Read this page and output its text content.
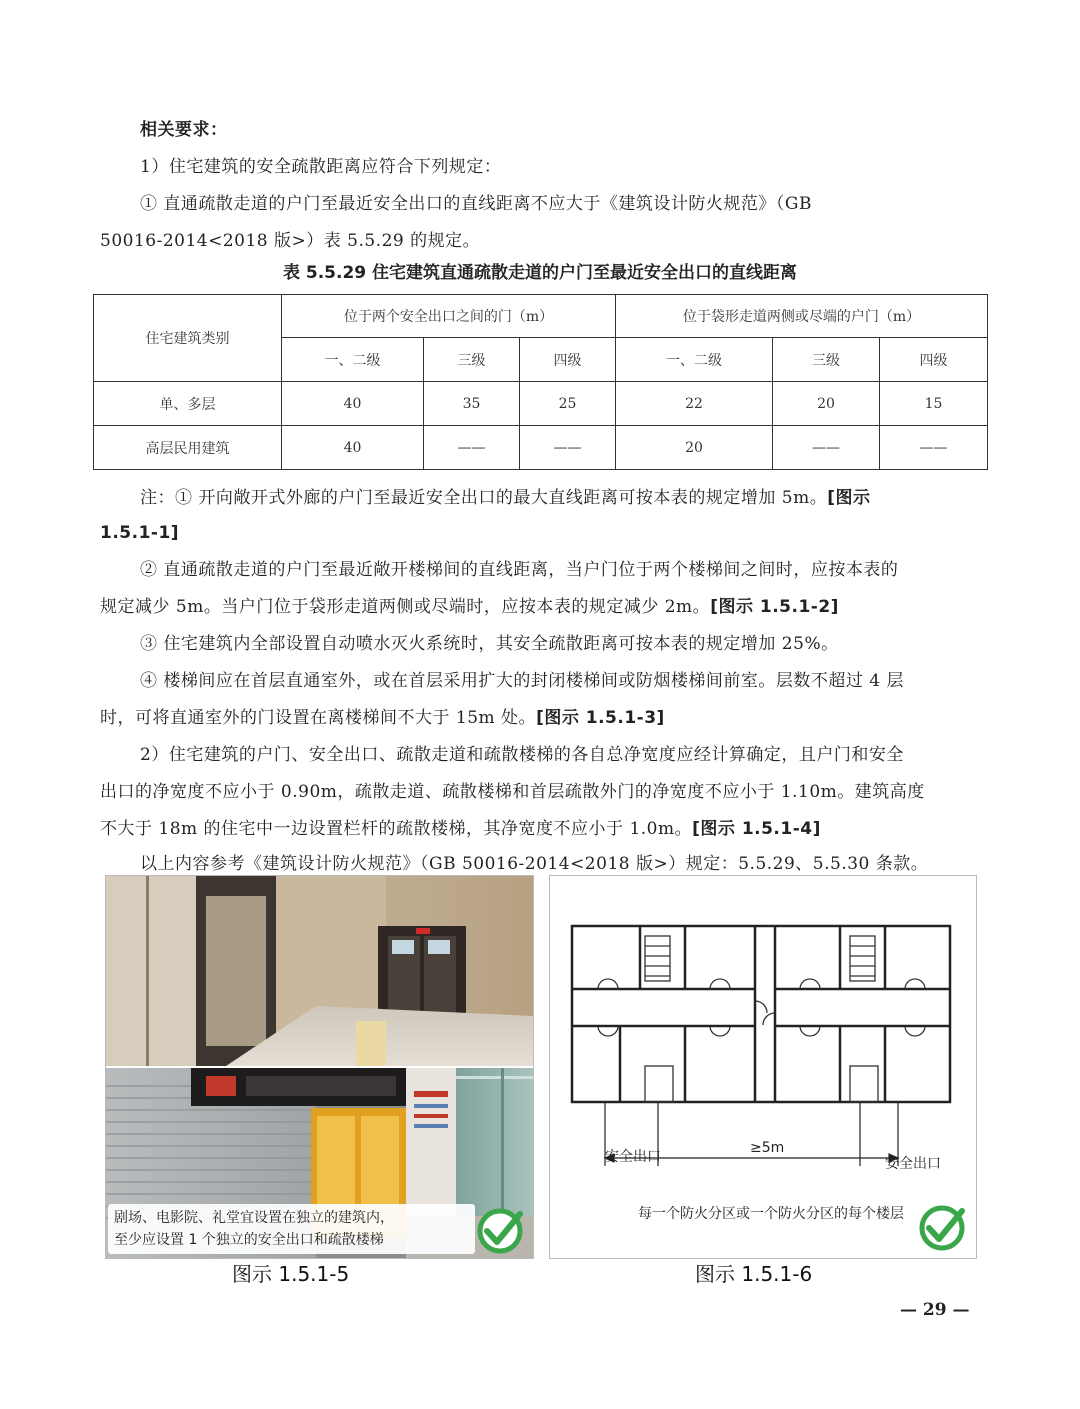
相关要求：
1）住宅建筑的安全疏散距离应符合下列规定：
① 直通疏散走道的户门至最近安全出口的直线距离不应大于《建筑设计防火规范》（GB
50016-2014<2018 版>）表 5.5.29 的规定。
表 5.5.29 住宅建筑直通疏散走道的户门至最近安全出口的直线距离
住宅建筑类别	位于两个安全出口之间的门（m）			位于袋形走道两侧或尽端的户门（m）		
	一、二级	三级	四级	一、二级	三级	四级
单、多层	40	35	25	22	20	15
高层民用建筑	40	——	——	20	——	——
注：① 开向敞开式外廊的户门至最近安全出口的最大直线距离可按本表的规定增加 5m。[图示
1.5.1-1]
② 直通疏散走道的户门至最近敞开楼梯间的直线距离，当户门位于两个楼梯间之间时，应按本表的
规定减少 5m。当户门位于袋形走道两侧或尽端时，应按本表的规定减少 2m。[图示 1.5.1-2]
③ 住宅建筑内全部设置自动喷水灭火系统时，其安全疏散距离可按本表的规定增加 25%。
④ 楼梯间应在首层直通室外，或在首层采用扩大的封闭楼梯间或防烟楼梯间前室。层数不超过 4 层
时，可将直通室外的门设置在离楼梯间不大于 15m 处。[图示 1.5.1-3]
2）住宅建筑的户门、安全出口、疏散走道和疏散楼梯的各自总净宽度应经计算确定，且户门和安全
出口的净宽度不应小于 0.90m，疏散走道、疏散楼梯和首层疏散外门的净宽度不应小于 1.10m。建筑高度
不大于 18m 的住宅中一边设置栏杆的疏散楼梯，其净宽度不应小于 1.0m。[图示 1.5.1-4]
以上内容参考《建筑设计防火规范》（GB 50016-2014<2018 版>）规定：5.5.29、5.5.30 条款。
剧场、电影院、礼堂宜设置在独立的建筑内，
至少应设置 1 个独立的安全出口和疏散楼梯
安全出口
≥5m
安全出口
每一个防火分区或一个防火分区的每个楼层
图示 1.5.1-5	图示 1.5.1-6
— 29 —
